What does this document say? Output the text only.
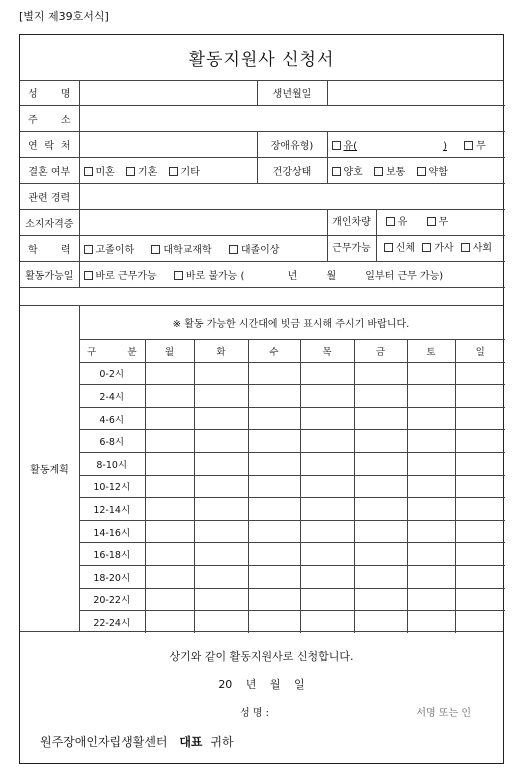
[별지 제39호서식]
활동지원사 신청서
성 명		생년월일	
주 소			
연 락 처		장애유형)	유( ) 무
결혼 여부	미혼 기혼 기타	건강상태	양호 보통 약함
관련 경력			
소지자격증			개인차량 유 무
학 력	고졸이하 대학교재학 대졸이상		근무가능 신체 가사 사회
활동가능일	바로 근무가능 바로 불가능 ( 년 월 일부터 근무 가능)		
활동계획
※ 활동 가능한 시간대에 빗금 표시해 주시기 바랍니다.
구 분	월	화	수	목	금	토	일
0-2시							
2-4시							
4-6시							
6-8시							
8-10시							
10-12시							
12-14시							
14-16시							
16-18시							
18-20시							
20-22시							
22-24시							
상기와 같이 활동지원사로 신청합니다.
20 년 월 일
성 명 :	서명 또는 인
원주장애인자립생활센터 대표 귀하
